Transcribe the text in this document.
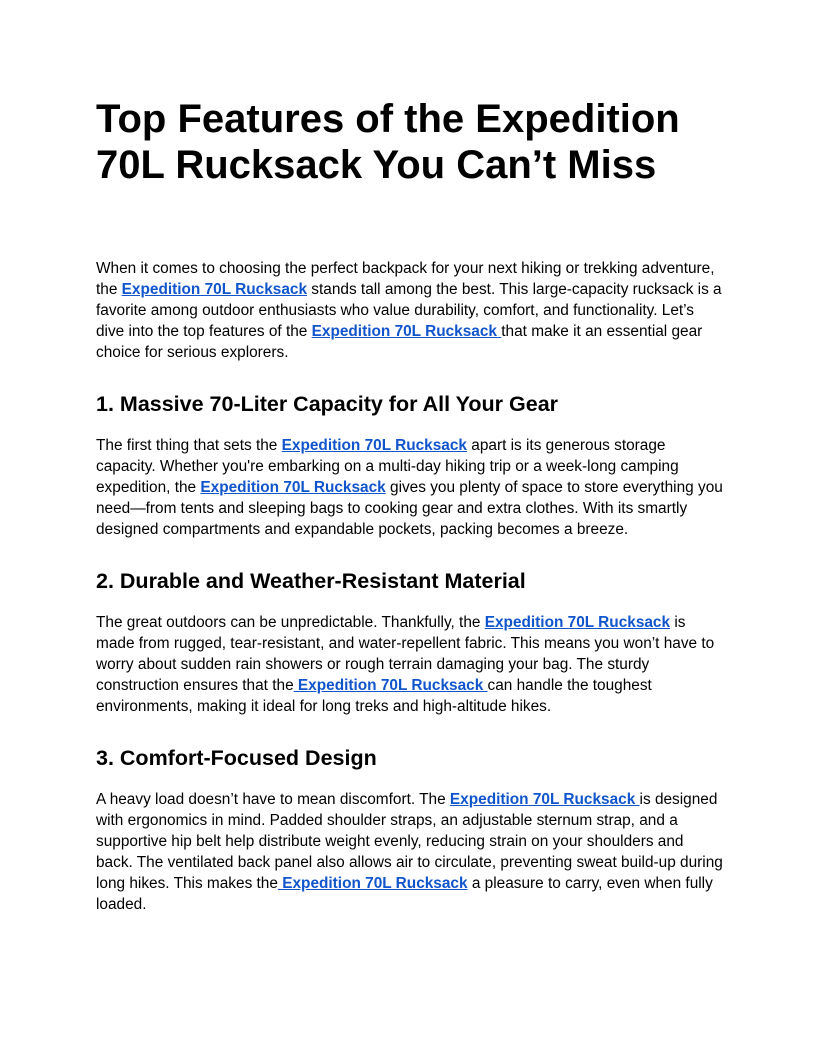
Top Features of the Expedition 70L Rucksack You Can’t Miss

When it comes to choosing the perfect backpack for your next hiking or trekking adventure, the Expedition 70L Rucksack stands tall among the best. This large-capacity rucksack is a favorite among outdoor enthusiasts who value durability, comfort, and functionality. Let’s dive into the top features of the Expedition 70L Rucksack that make it an essential gear choice for serious explorers.

1. Massive 70-Liter Capacity for All Your Gear

The first thing that sets the Expedition 70L Rucksack apart is its generous storage capacity. Whether you're embarking on a multi-day hiking trip or a week-long camping expedition, the Expedition 70L Rucksack gives you plenty of space to store everything you need—from tents and sleeping bags to cooking gear and extra clothes. With its smartly designed compartments and expandable pockets, packing becomes a breeze.

2. Durable and Weather-Resistant Material

The great outdoors can be unpredictable. Thankfully, the Expedition 70L Rucksack is made from rugged, tear-resistant, and water-repellent fabric. This means you won’t have to worry about sudden rain showers or rough terrain damaging your bag. The sturdy construction ensures that the Expedition 70L Rucksack can handle the toughest environments, making it ideal for long treks and high-altitude hikes.

3. Comfort-Focused Design

A heavy load doesn’t have to mean discomfort. The Expedition 70L Rucksack is designed with ergonomics in mind. Padded shoulder straps, an adjustable sternum strap, and a supportive hip belt help distribute weight evenly, reducing strain on your shoulders and back. The ventilated back panel also allows air to circulate, preventing sweat build-up during long hikes. This makes the Expedition 70L Rucksack a pleasure to carry, even when fully loaded.
